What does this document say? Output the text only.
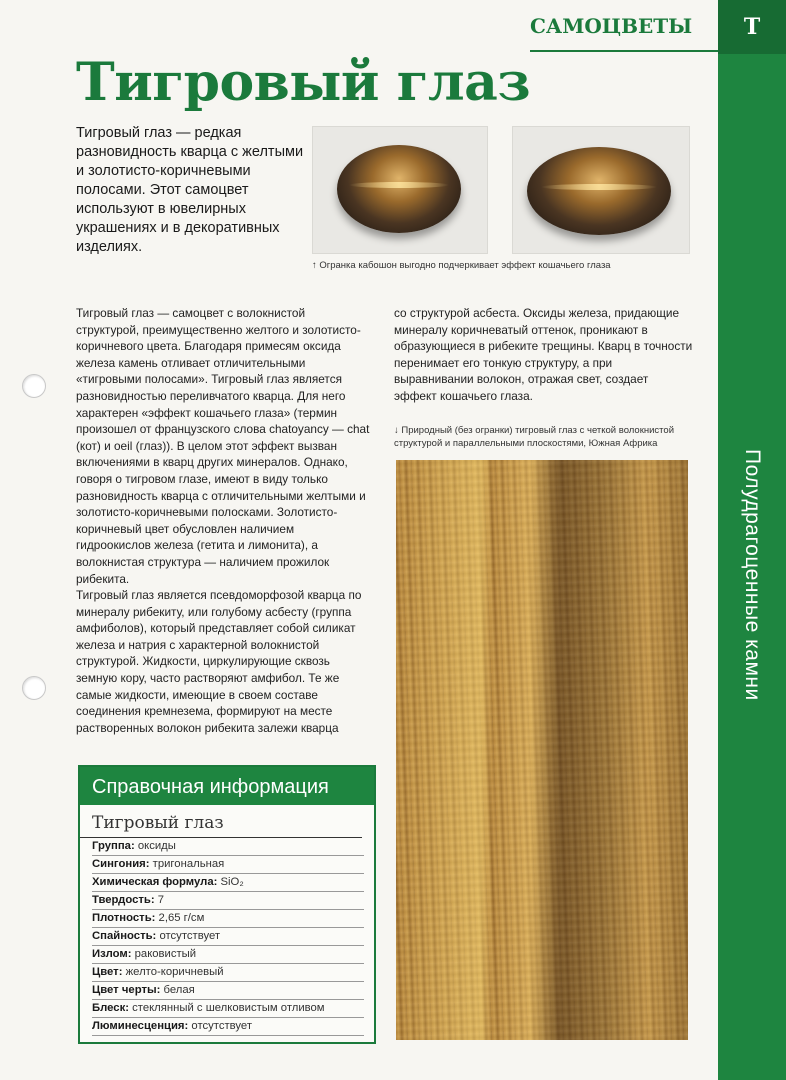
Т
Полудрагоценные камни
САМОЦВЕТЫ
Тигровый глаз
Тигровый глаз — редкая разновидность кварца с желтыми и золотисто-коричневыми полосами. Этот самоцвет используют в ювелирных украшениях и в декоративных изделиях.
↑ Огранка кабошон выгодно подчеркивает эффект кошачьего глаза
Тигровый глаз — самоцвет с волокнистой структурой, преимущественно желтого и золотисто-коричневого цвета. Благодаря примесям оксида железа камень отливает отличительными «тигровыми полосами». Тигровый глаз является разновидностью переливчатого кварца. Для него характерен «эффект кошачьего глаза» (термин произошел от французского слова chatoyancy — chat (кот) и oeil (глаз)). В целом этот эффект вызван включениями в кварц других минералов. Однако, говоря о тигровом глазе, имеют в виду только разновидность кварца с отличительными желтыми и золотисто-коричневыми полосками. Золотисто-коричневый цвет обусловлен наличием гидроокислов железа (гетита и лимонита), а волокнистая структура — наличием прожилок рибекита.
Тигровый глаз является псевдоморфозой кварца по минералу рибекиту, или голубому асбесту (группа амфиболов), который представляет собой силикат железа и натрия с характерной волокнистой структурой. Жидкости, циркулирующие сквозь земную кору, часто растворяют амфибол. Те же самые жидкости, имеющие в своем составе соединения кремнезема, формируют на месте растворенных волокон рибекита залежи кварца
со структурой асбеста. Оксиды железа, придающие минералу коричневатый оттенок, проникают в образующиеся в рибеките трещины. Кварц в точности перенимает его тонкую структуру, а при выравнивании волокон, отражая свет, создает эффект кошачьего глаза.
↓ Природный (без огранки) тигровый глаз с четкой волокнистой структурой и параллельными плоскостями, Южная Африка
Справочная информация
Тигровый глаз
Группа: оксиды
Сингония: тригональная
Химическая формула: SiO₂
Твердость: 7
Плотность: 2,65 г/см
Спайность: отсутствует
Излом: раковистый
Цвет: желто-коричневый
Цвет черты: белая
Блеск: стеклянный с шелковистым отливом
Люминесценция: отсутствует
